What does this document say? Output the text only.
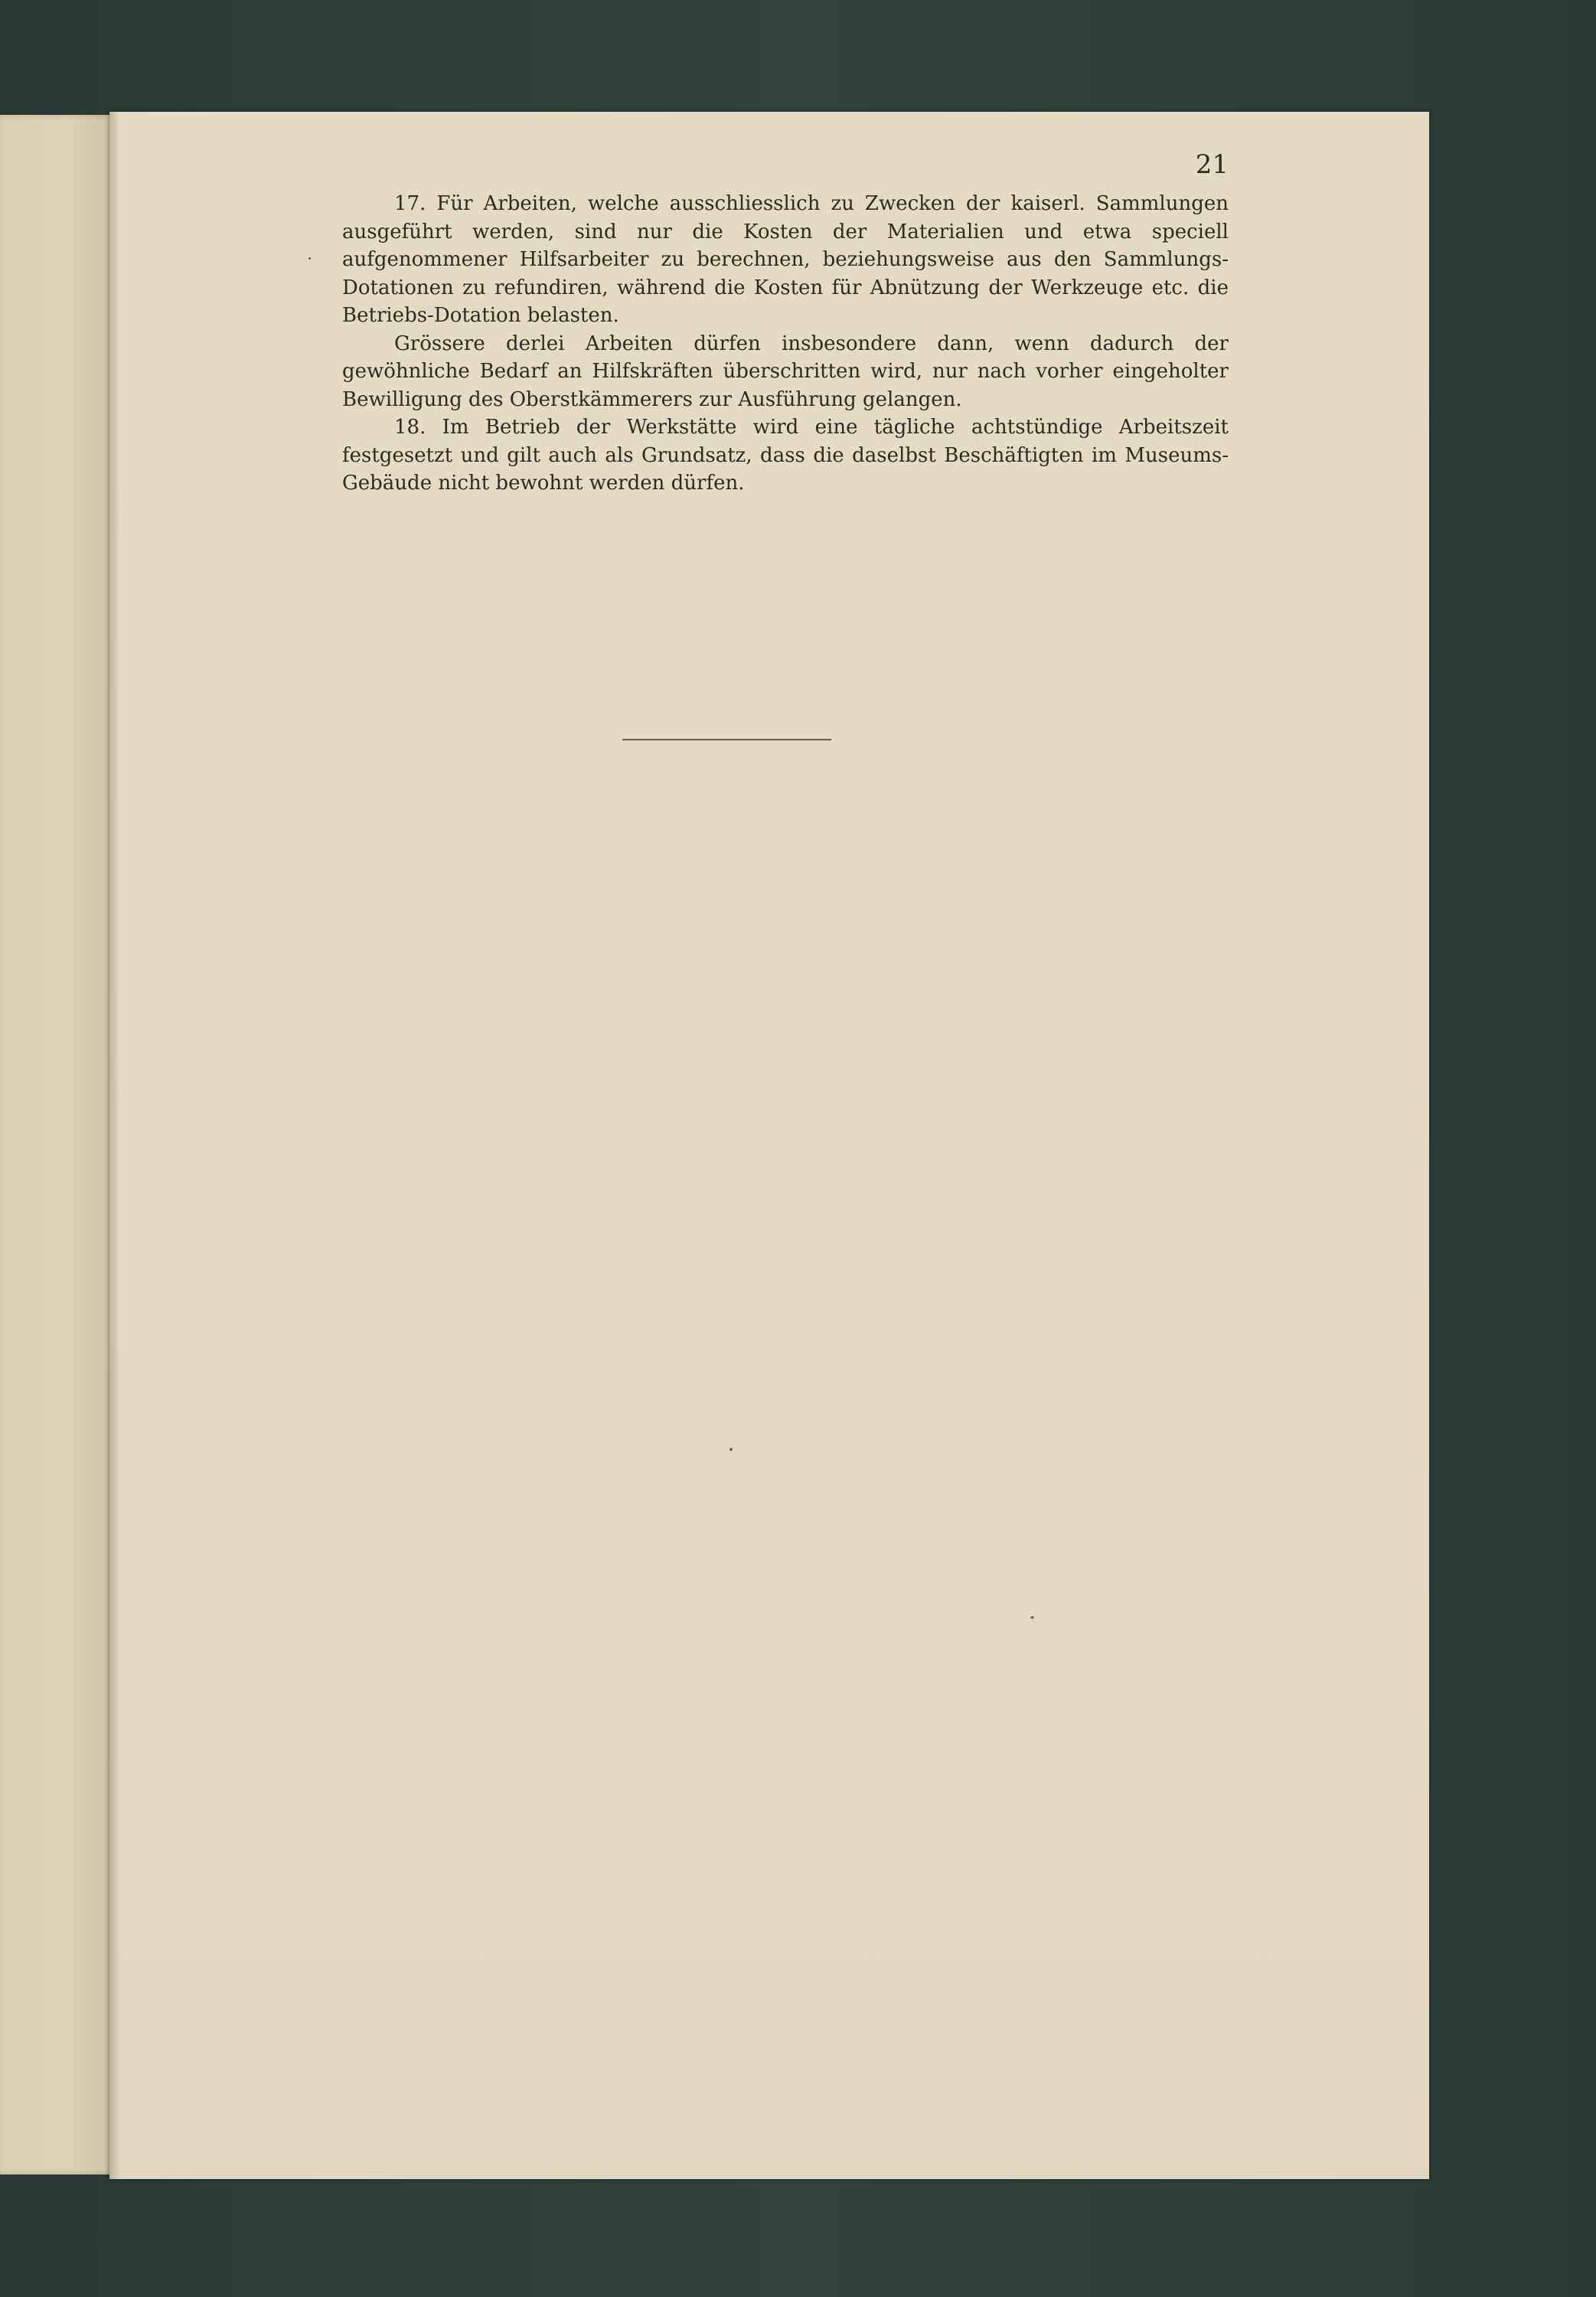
21

17. Für Arbeiten, welche ausschliesslich zu Zwecken der kaiserl. Sammlungen ausgeführt werden, sind nur die Kosten der Materialien und etwa speciell aufgenommener Hilfsarbeiter zu berechnen, beziehungsweise aus den Sammlungs-Dotationen zu refundiren, während die Kosten für Abnützung der Werkzeuge etc. die Betriebs-Dotation belasten.

Grössere derlei Arbeiten dürfen insbesondere dann, wenn dadurch der gewöhnliche Bedarf an Hilfskräften überschritten wird, nur nach vorher eingeholter Bewilligung des Oberstkämmerers zur Ausführung gelangen.

18. Im Betrieb der Werkstätte wird eine tägliche achtstündige Arbeitszeit festgesetzt und gilt auch als Grundsatz, dass die daselbst Beschäftigten im Museums-Gebäude nicht bewohnt werden dürfen.
